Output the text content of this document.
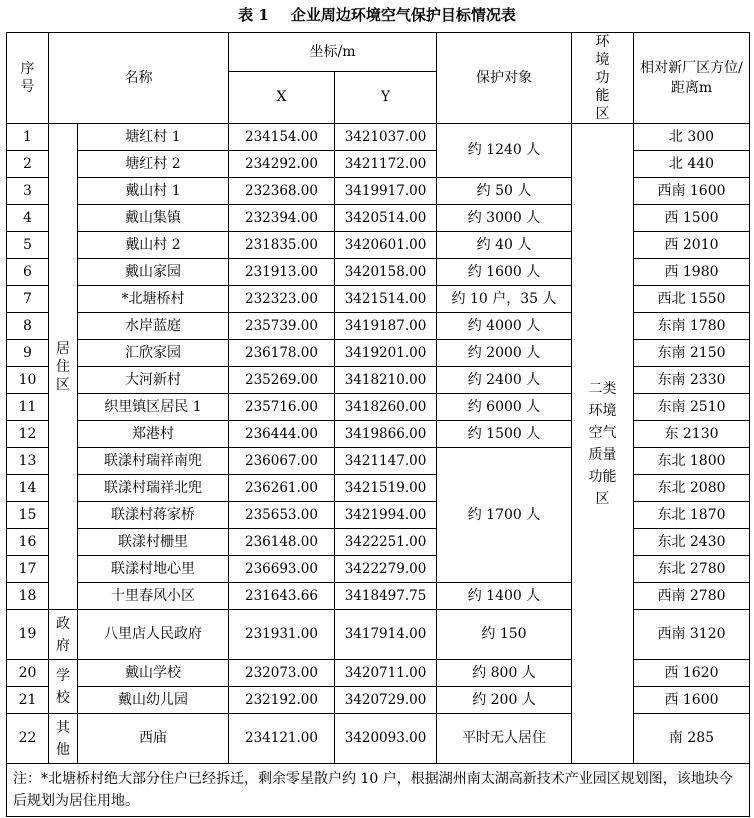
表 1 企业周边环境空气保护目标情况表
序号	名称		坐标/m		保护对象	环境功能区	相对新厂区方位/距离m
			X	Y			
1	居住区	塘红村 1	234154.00	3421037.00	约 1240 人	二类环境空气质量功能区	北 300
2		塘红村 2	234292.00	3421172.00			北 440
3		戴山村 1	232368.00	3419917.00	约 50 人		西南 1600
4		戴山集镇	232394.00	3420514.00	约 3000 人		西 1500
5		戴山村 2	231835.00	3420601.00	约 40 人		西 2010
6		戴山家园	231913.00	3420158.00	约 1600 人		西 1980
7		*北塘桥村	232323.00	3421514.00	约 10 户，35 人		西北 1550
8		水岸蓝庭	235739.00	3419187.00	约 4000 人		东南 1780
9		汇欣家园	236178.00	3419201.00	约 2000 人		东南 2150
10		大河新村	235269.00	3418210.00	约 2400 人		东南 2330
11		织里镇区居民 1	235716.00	3418260.00	约 6000 人		东南 2510
12		郑港村	236444.00	3419866.00	约 1500 人		东 2130
13		联漾村瑞祥南兜	236067.00	3421147.00	约 1700 人		东北 1800
14		联漾村瑞祥北兜	236261.00	3421519.00			东北 2080
15		联漾村蒋家桥	235653.00	3421994.00			东北 1870
16		联漾村栅里	236148.00	3422251.00			东北 2430
17		联漾村地心里	236693.00	3422279.00			东北 2780
18		十里春风小区	231643.66	3418497.75	约 1400 人		西南 2780
19	政府	八里店人民政府	231931.00	3417914.00	约 150		西南 3120
20	学校	戴山学校	232073.00	3420711.00	约 800 人		西 1620
21		戴山幼儿园	232192.00	3420729.00	约 200 人		西 1600
22	其他	西庙	234121.00	3420093.00	平时无人居住		南 285
注：*北塘桥村绝大部分住户已经拆迁，剩余零星散户约 10 户，根据湖州南太湖高新技术产业园区规划图，该地块今后规划为居住用地。							
